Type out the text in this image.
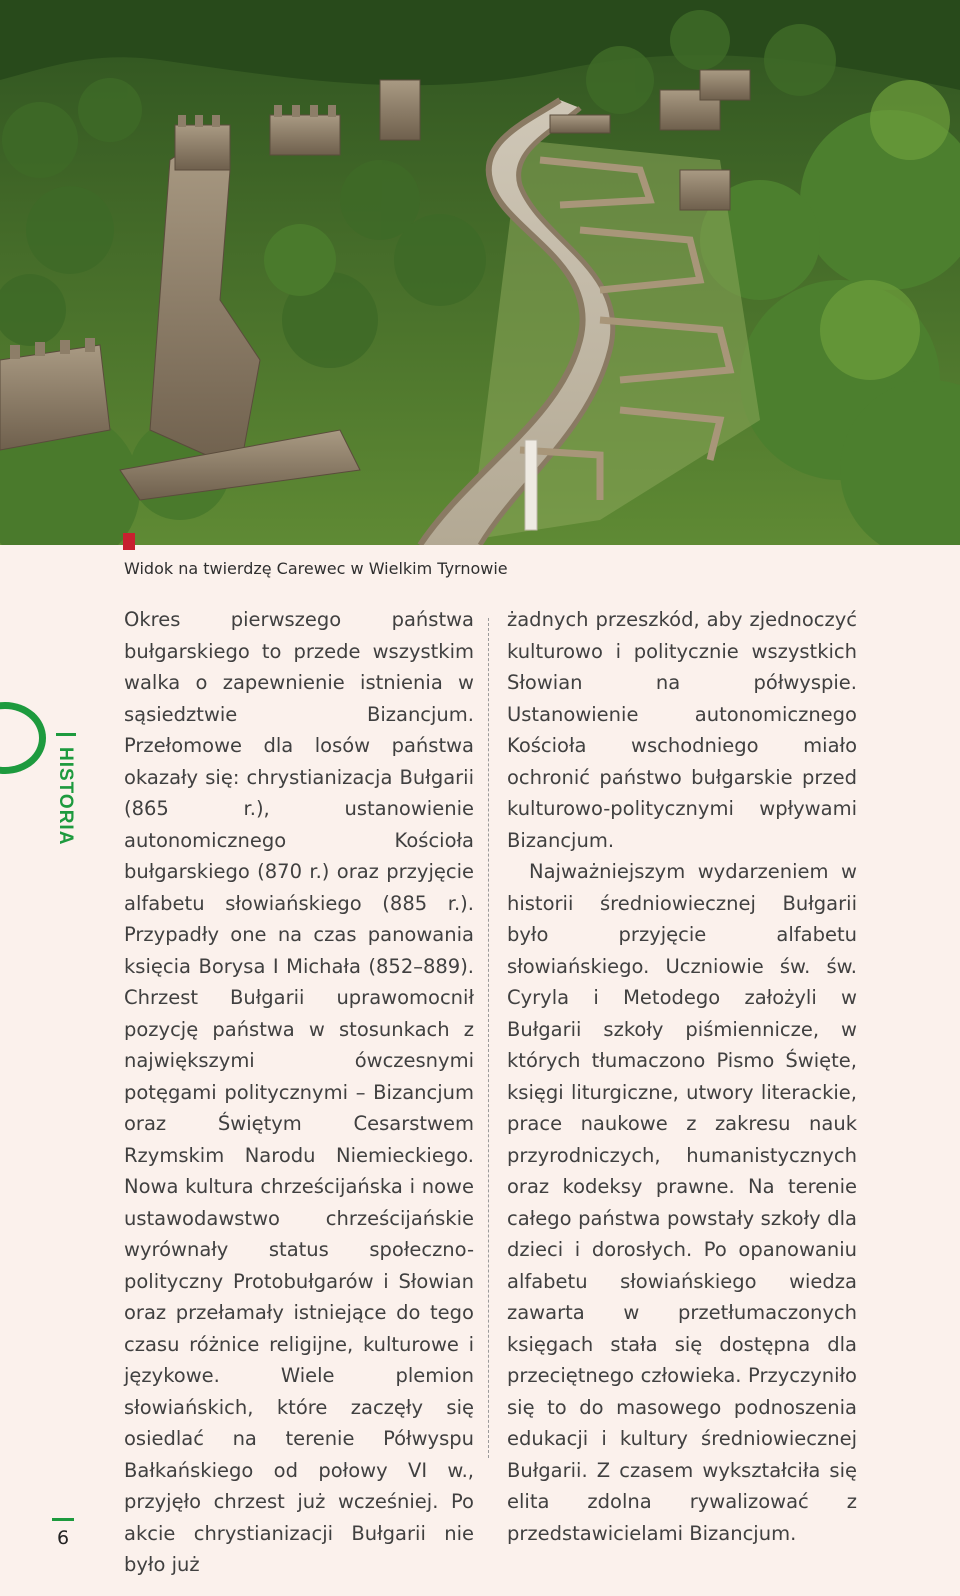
Widok na twierdzę Carewec w Wielkim Tyrnowie
HISTORIA

Okres pierwszego państwa bułgarskiego to przede wszystkim walka o zapewnienie istnienia w sąsiedztwie Bizancjum. Przełomowe dla losów państwa okazały się: chrystianizacja Bułgarii (865 r.), ustanowienie autonomicznego Kościoła bułgarskiego (870 r.) oraz przyjęcie alfabetu słowiańskiego (885 r.). Przypadły one na czas panowania księcia Borysa I Michała (852–889). Chrzest Bułgarii uprawomocnił pozycję państwa w stosunkach z największymi ówczesnymi potęgami politycznymi – Bizancjum oraz Świętym Cesarstwem Rzymskim Narodu Niemieckiego. Nowa kultura chrześcijańska i nowe ustawodawstwo chrześcijańskie wyrównały status społeczno-polityczny Protobułgarów i Słowian oraz przełamały istniejące do tego czasu różnice religijne, kulturowe i językowe. Wiele plemion słowiańskich, które zaczęły się osiedlać na terenie Półwyspu Bałkańskiego od połowy VI w., przyjęło chrzest już wcześniej. Po akcie chrystianizacji Bułgarii nie było już

żadnych przeszkód, aby zjednoczyć kulturowo i politycznie wszystkich Słowian na półwyspie. Ustanowienie autonomicznego Kościoła wschodniego miało ochronić państwo bułgarskie przed kulturowo-politycznymi wpływami Bizancjum.

Najważniejszym wydarzeniem w historii średniowiecznej Bułgarii było przyjęcie alfabetu słowiańskiego. Uczniowie św. św. Cyryla i Metodego założyli w Bułgarii szkoły piśmiennicze, w których tłumaczono Pismo Święte, księgi liturgiczne, utwory literackie, prace naukowe z zakresu nauk przyrodniczych, humanistycznych oraz kodeksy prawne. Na terenie całego państwa powstały szkoły dla dzieci i dorosłych. Po opanowaniu alfabetu słowiańskiego wiedza zawarta w przetłumaczonych księgach stała się dostępna dla przeciętnego człowieka. Przyczyniło się to do masowego podnoszenia edukacji i kultury średniowiecznej Bułgarii. Z czasem wykształciła się elita zdolna rywalizować z przedstawicielami Bizancjum.

6
